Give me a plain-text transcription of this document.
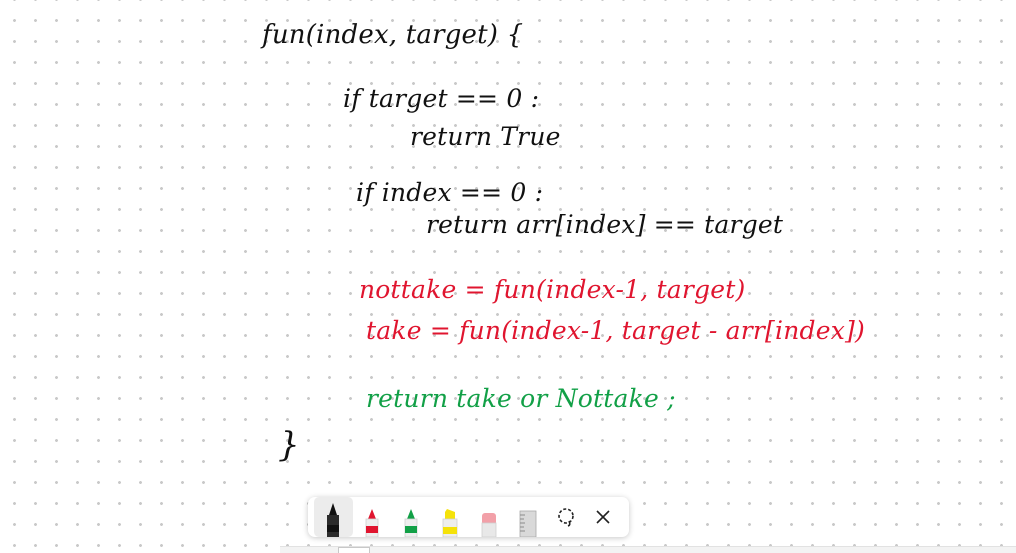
fun(index, target) {
if target == 0 :
return True
if index == 0 :
return arr[index] == target
nottake = fun(index-1, target)
take = fun(index-1, target - arr[index])
return take or Nottake ;
}
